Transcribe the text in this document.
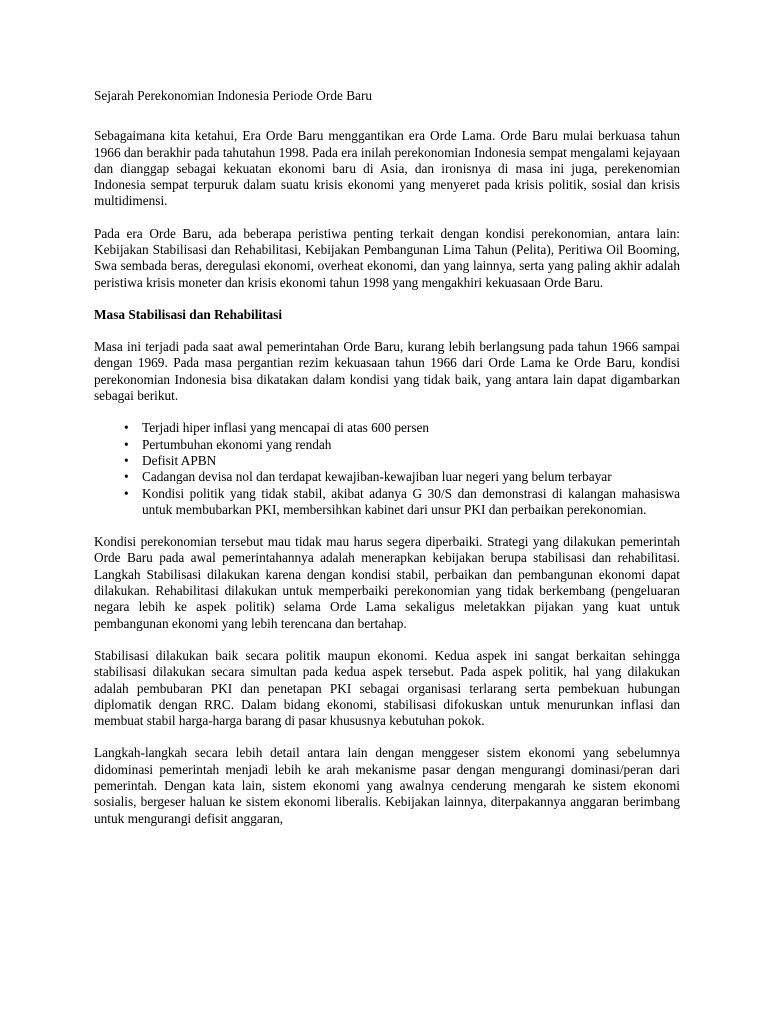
Sejarah Perekonomian Indonesia Periode Orde Baru

Sebagaimana kita ketahui, Era Orde Baru menggantikan era Orde Lama. Orde Baru mulai berkuasa tahun 1966 dan berakhir pada tahutahun 1998. Pada era inilah perekonomian Indonesia sempat mengalami kejayaan dan dianggap sebagai kekuatan ekonomi baru di Asia, dan ironisnya di masa ini juga, perekenomian Indonesia sempat terpuruk dalam suatu krisis ekonomi yang menyeret pada krisis politik, sosial dan krisis multidimensi.

Pada era Orde Baru, ada beberapa peristiwa penting terkait dengan kondisi perekonomian, antara lain: Kebijakan Stabilisasi dan Rehabilitasi, Kebijakan Pembangunan Lima Tahun (Pelita), Peritiwa Oil Booming, Swa sembada beras, deregulasi ekonomi, overheat ekonomi, dan yang lainnya, serta yang paling akhir adalah peristiwa krisis moneter dan krisis ekonomi tahun 1998 yang mengakhiri kekuasaan Orde Baru.

Masa Stabilisasi dan Rehabilitasi

Masa ini terjadi pada saat awal pemerintahan Orde Baru, kurang lebih berlangsung pada tahun 1966 sampai dengan 1969. Pada masa pergantian rezim kekuasaan tahun 1966 dari Orde Lama ke Orde Baru, kondisi perekonomian Indonesia bisa dikatakan dalam kondisi yang tidak baik, yang antara lain dapat digambarkan sebagai berikut.

• Terjadi hiper inflasi yang mencapai di atas 600 persen
• Pertumbuhan ekonomi yang rendah
• Defisit APBN
• Cadangan devisa nol dan terdapat kewajiban-kewajiban luar negeri yang belum terbayar
• Kondisi politik yang tidak stabil, akibat adanya G 30/S dan demonstrasi di kalangan mahasiswa untuk membubarkan PKI, membersihkan kabinet dari unsur PKI dan perbaikan perekonomian.

Kondisi perekonomian tersebut mau tidak mau harus segera diperbaiki. Strategi yang dilakukan pemerintah Orde Baru pada awal pemerintahannya adalah menerapkan kebijakan berupa stabilisasi dan rehabilitasi. Langkah Stabilisasi dilakukan karena dengan kondisi stabil, perbaikan dan pembangunan ekonomi dapat dilakukan. Rehabilitasi dilakukan untuk memperbaiki perekonomian yang tidak berkembang (pengeluaran negara lebih ke aspek politik) selama Orde Lama sekaligus meletakkan pijakan yang kuat untuk pembangunan ekonomi yang lebih terencana dan bertahap.

Stabilisasi dilakukan baik secara politik maupun ekonomi. Kedua aspek ini sangat berkaitan sehingga stabilisasi dilakukan secara simultan pada kedua aspek tersebut. Pada aspek politik, hal yang dilakukan adalah pembubaran PKI dan penetapan PKI sebagai organisasi terlarang serta pembekuan hubungan diplomatik dengan RRC. Dalam bidang ekonomi, stabilisasi difokuskan untuk menurunkan inflasi dan membuat stabil harga-harga barang di pasar khususnya kebutuhan pokok.

Langkah-langkah secara lebih detail antara lain dengan menggeser sistem ekonomi yang sebelumnya didominasi pemerintah menjadi lebih ke arah mekanisme pasar dengan mengurangi dominasi/peran dari pemerintah. Dengan kata lain, sistem ekonomi yang awalnya cenderung mengarah ke sistem ekonomi sosialis, bergeser haluan ke sistem ekonomi liberalis. Kebijakan lainnya, diterpakannya anggaran berimbang untuk mengurangi defisit anggaran,
